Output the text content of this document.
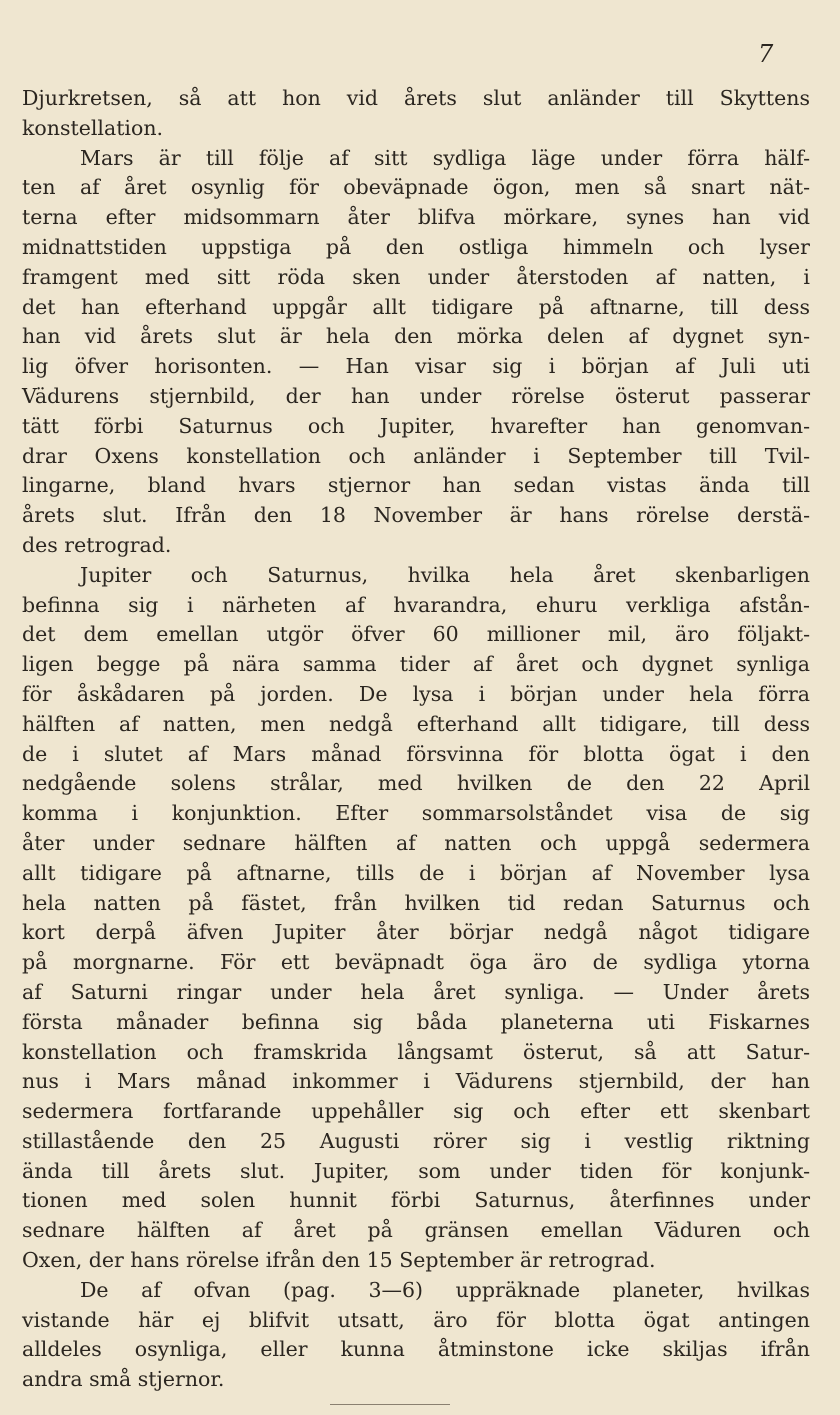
7
Djurkretsen, så att hon vid årets slut anländer till Skyttens
konstellation.
Mars är till följe af sitt sydliga läge under förra hälf-
ten af året osynlig för obeväpnade ögon, men så snart nät-
terna efter midsommarn åter blifva mörkare, synes han vid
midnattstiden uppstiga på den ostliga himmeln och lyser
framgent med sitt röda sken under återstoden af natten, i
det han efterhand uppgår allt tidigare på aftnarne, till dess
han vid årets slut är hela den mörka delen af dygnet syn-
lig öfver horisonten. — Han visar sig i början af Juli uti
Vädurens stjernbild, der han under rörelse österut passerar
tätt förbi Saturnus och Jupiter, hvarefter han genomvan-
drar Oxens konstellation och anländer i September till Tvil-
lingarne, bland hvars stjernor han sedan vistas ända till
årets slut. Ifrån den 18 November är hans rörelse derstä-
des retrograd.
Jupiter och Saturnus, hvilka hela året skenbarligen
befinna sig i närheten af hvarandra, ehuru verkliga afstån-
det dem emellan utgör öfver 60 millioner mil, äro följakt-
ligen begge på nära samma tider af året och dygnet synliga
för åskådaren på jorden. De lysa i början under hela förra
hälften af natten, men nedgå efterhand allt tidigare, till dess
de i slutet af Mars månad försvinna för blotta ögat i den
nedgående solens strålar, med hvilken de den 22 April
komma i konjunktion. Efter sommarsolståndet visa de sig
åter under sednare hälften af natten och uppgå sedermera
allt tidigare på aftnarne, tills de i början af November lysa
hela natten på fästet, från hvilken tid redan Saturnus och
kort derpå äfven Jupiter åter börjar nedgå något tidigare
på morgnarne. För ett beväpnadt öga äro de sydliga ytorna
af Saturni ringar under hela året synliga. — Under årets
första månader befinna sig båda planeterna uti Fiskarnes
konstellation och framskrida långsamt österut, så att Satur-
nus i Mars månad inkommer i Vädurens stjernbild, der han
sedermera fortfarande uppehåller sig och efter ett skenbart
stillastående den 25 Augusti rörer sig i vestlig riktning
ända till årets slut. Jupiter, som under tiden för konjunk-
tionen med solen hunnit förbi Saturnus, återfinnes under
sednare hälften af året på gränsen emellan Väduren och
Oxen, der hans rörelse ifrån den 15 September är retrograd.
De af ofvan (pag. 3—6) uppräknade planeter, hvilkas
vistande här ej blifvit utsatt, äro för blotta ögat antingen
alldeles osynliga, eller kunna åtminstone icke skiljas ifrån
andra små stjernor.
